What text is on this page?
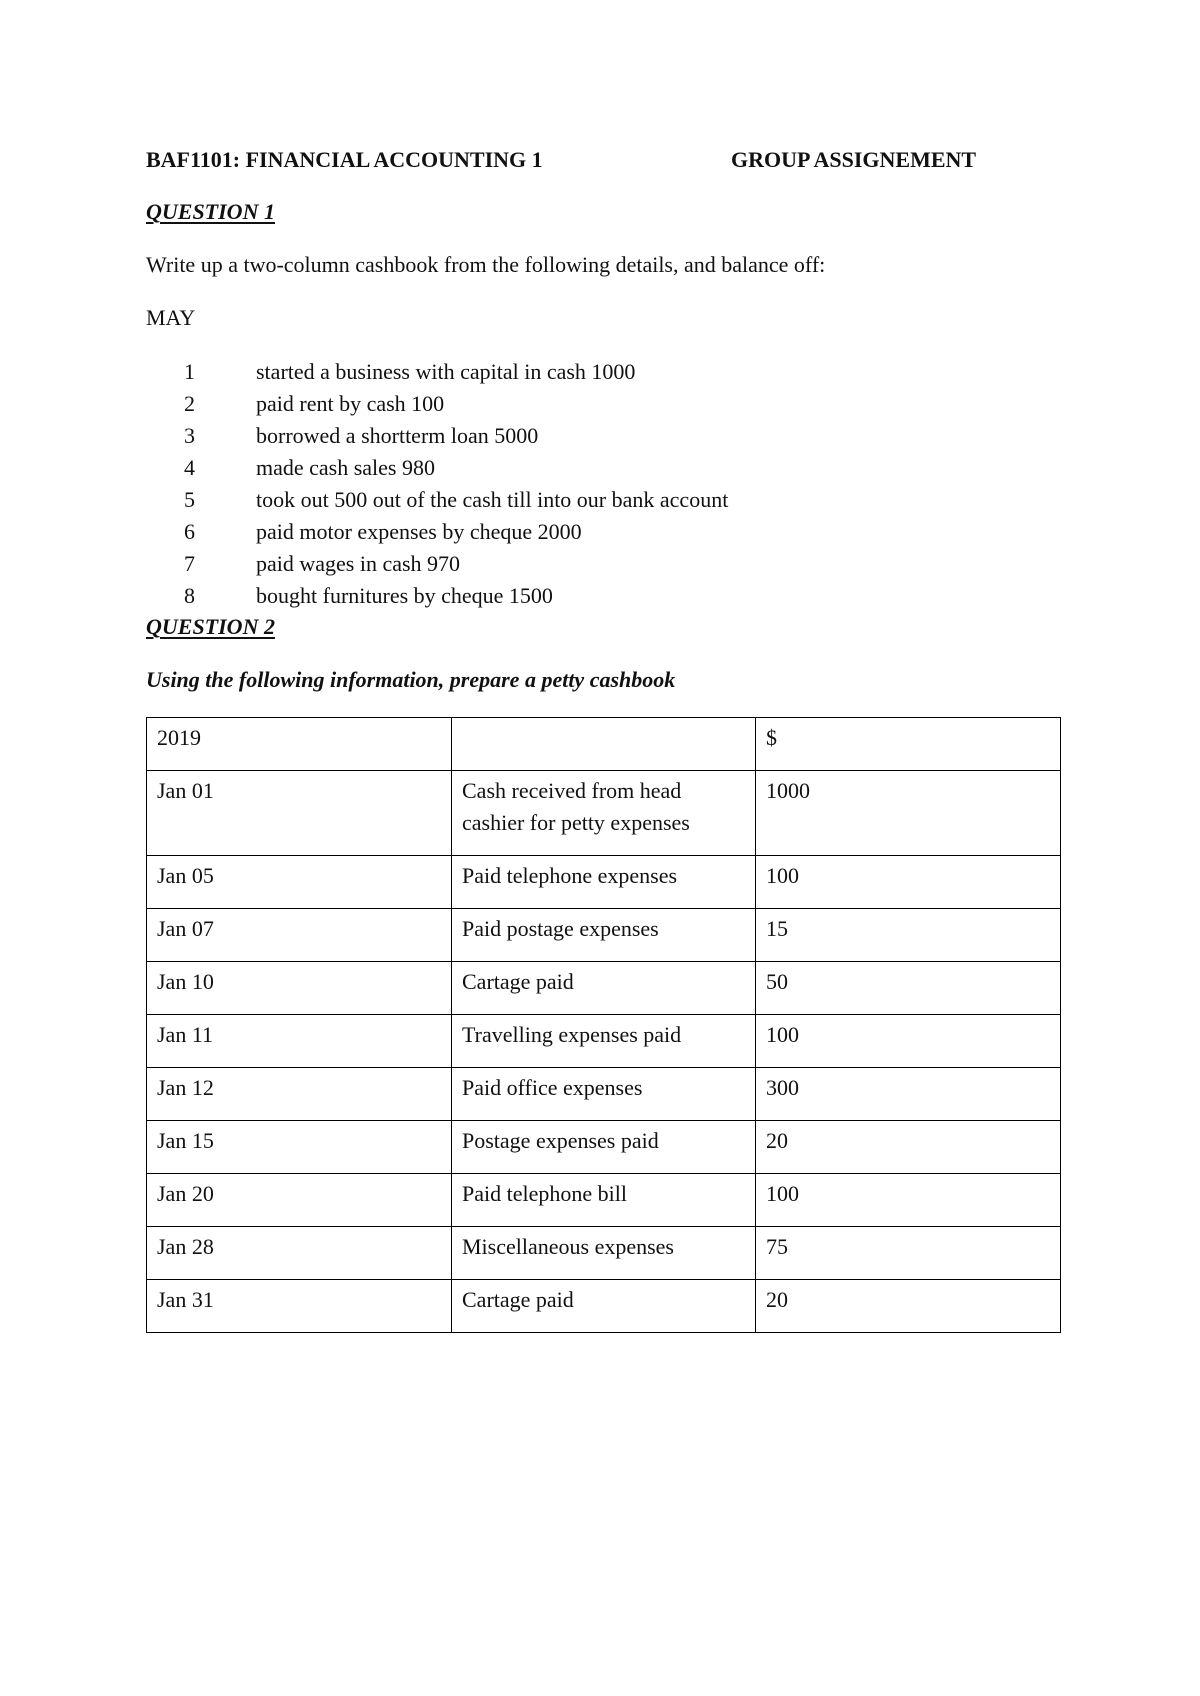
BAF1101: FINANCIAL ACCOUNTING 1	GROUP ASSIGNEMENT
QUESTION 1
Write up a two-column cashbook from the following details, and balance off:
MAY
1	started a business with capital in cash 1000
2	paid rent by cash 100
3	borrowed a shortterm loan 5000
4	made cash sales 980
5	took out 500 out of the cash till into our bank account
6	paid motor expenses by cheque 2000
7	paid wages in cash 970
8	bought furnitures by cheque 1500
QUESTION 2
Using the following information, prepare a petty cashbook
2019		$
Jan 01	Cash received from head cashier for petty expenses	1000
Jan 05	Paid telephone expenses	100
Jan 07	Paid postage expenses	15
Jan 10	Cartage paid	50
Jan 11	Travelling expenses paid	100
Jan 12	Paid office expenses	300
Jan 15	Postage expenses paid	20
Jan 20	Paid telephone bill	100
Jan 28	Miscellaneous expenses	75
Jan 31	Cartage paid	20
